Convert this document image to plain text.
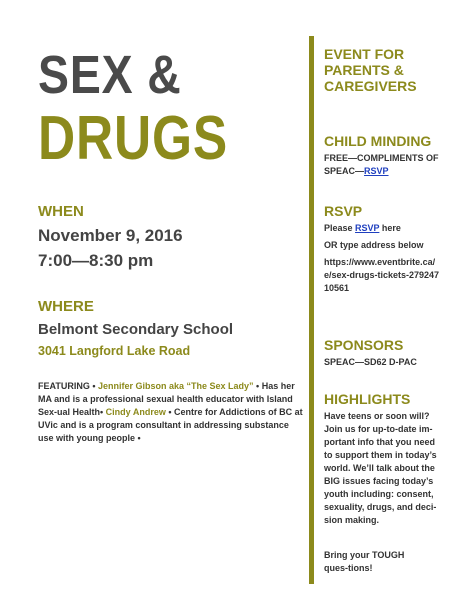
SEX &
DRUGS
WHEN
November 9, 2016
7:00—8:30 pm
WHERE
Belmont Secondary School
3041 Langford Lake Road
FEATURING • Jennifer Gibson aka “The Sex Lady” • Has her MA and is a professional sexual health educator with Island Sex-ual Health• Cindy Andrew • Centre for Addictions of BC at UVic and is a program consultant in addressing substance use with young people •
EVENT FOR
PARENTS &
CAREGIVERS
CHILD MINDING
FREE—COMPLIMENTS OF SPEAC—RSVP
RSVP
Please RSVP here
OR type address below
https://www.eventbrite.ca/e/sex-drugs-tickets-27924710561
SPONSORS
SPEAC—SD62 D-PAC
HIGHLIGHTS
Have teens or soon will? Join us for up-to-date im-portant info that you need to support them in today’s world. We’ll talk about the BIG issues facing today’s youth including: consent, sexuality, drugs, and deci-sion making.
Bring your TOUGH ques-tions!
